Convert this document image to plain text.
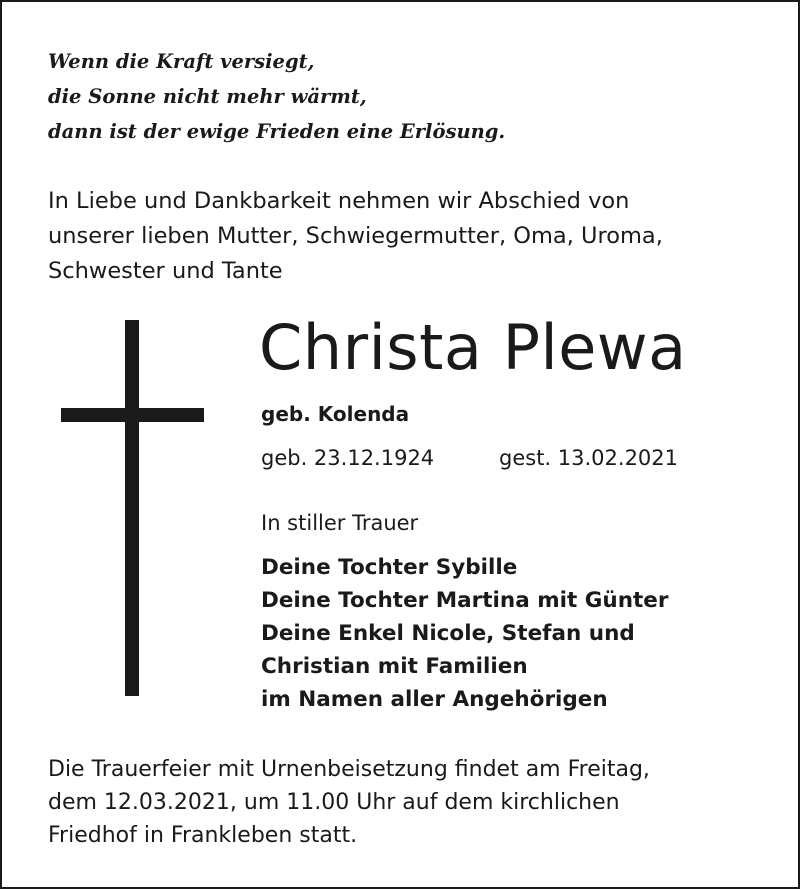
Wenn die Kraft versiegt,
die Sonne nicht mehr wärmt,
dann ist der ewige Frieden eine Erlösung.

In Liebe und Dankbarkeit nehmen wir Abschied von
unserer lieben Mutter, Schwiegermutter, Oma, Uroma,
Schwester und Tante

Christa Plewa
geb. Kolenda
geb. 23.12.1924	gest. 13.02.2021
In stiller Trauer
Deine Tochter Sybille
Deine Tochter Martina mit Günter
Deine Enkel Nicole, Stefan und
Christian mit Familien
im Namen aller Angehörigen

Die Trauerfeier mit Urnenbeisetzung findet am Freitag,
dem 12.03.2021, um 11.00 Uhr auf dem kirchlichen
Friedhof in Frankleben statt.
